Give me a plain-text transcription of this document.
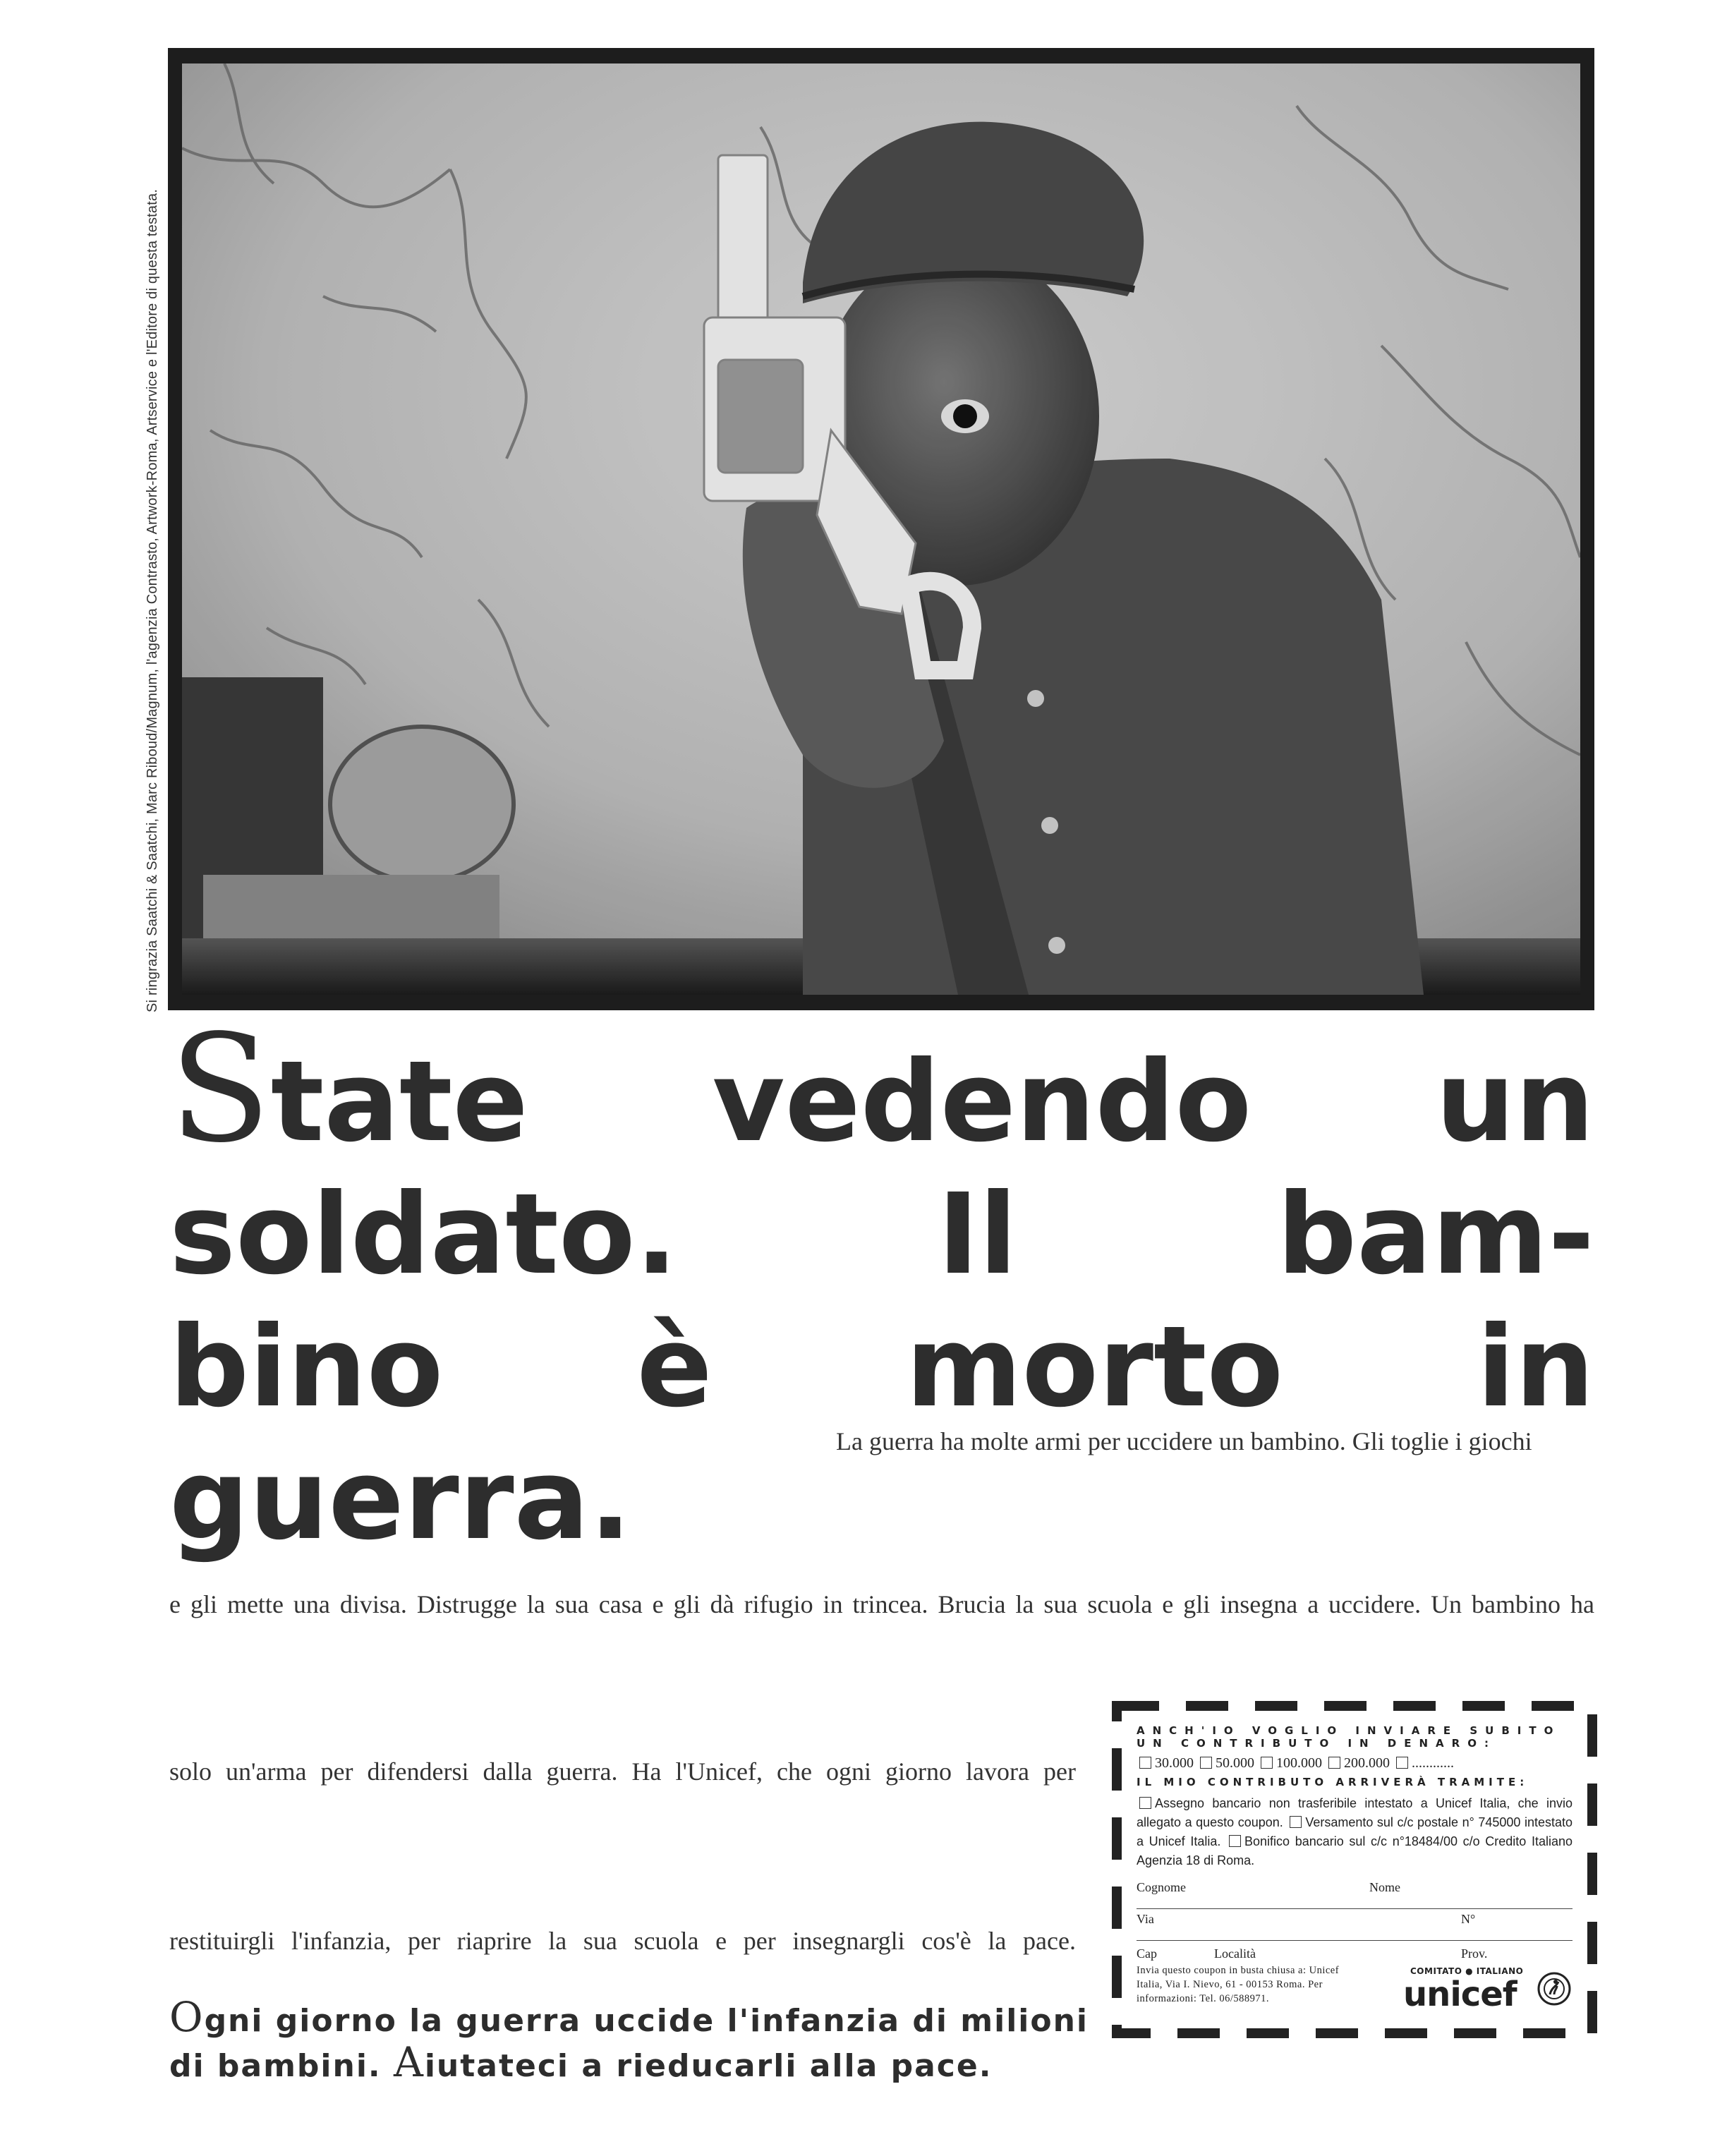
Si ringrazia Saatchi & Saatchi, Marc Riboud/Magnum, l'agenzia Contrasto, Artwork-Roma, Artservice e l'Editore di questa testata.
State vedendo un
soldato. Il bam-
bino è morto in
guerra.	La guerra ha molte armi per uccidere un bambino. Gli toglie i giochi
e gli mette una divisa. Distrugge la sua casa e gli dà rifugio in trincea. Brucia la sua scuola e gli insegna a uccidere. Un bambino ha
solo un'arma per difendersi dalla guerra. Ha l'Unicef, che ogni giorno lavora per
restituirgli l'infanzia, per riaprire la sua scuola e per insegnargli cos'è la pace.
Ogni giorno la guerra uccide l'infanzia di milioni
di bambini. Aiutateci a rieducarli alla pace.
ANCH'IO VOGLIO INVIARE SUBITO
UN CONTRIBUTO IN DENARO:
30.000 50.000 100.000 200.000 ............
IL MIO CONTRIBUTO ARRIVERÀ TRAMITE:
Assegno bancario non trasferibile intestato a Unicef Italia, che invio allegato a questo coupon. Versamento sul c/c postale n° 745000 intestato a Unicef Italia. Bonifico bancario sul c/c n°18484/00 c/o Credito Italiano Agenzia 18 di Roma.
Cognome	Nome
Via	N°
Cap	Località	Prov.
Invia questo coupon in busta chiusa a: Unicef Italia, Via I. Nievo, 61 - 00153 Roma. Per informazioni: Tel. 06/588971.
COMITATO ● ITALIANO
unicef
